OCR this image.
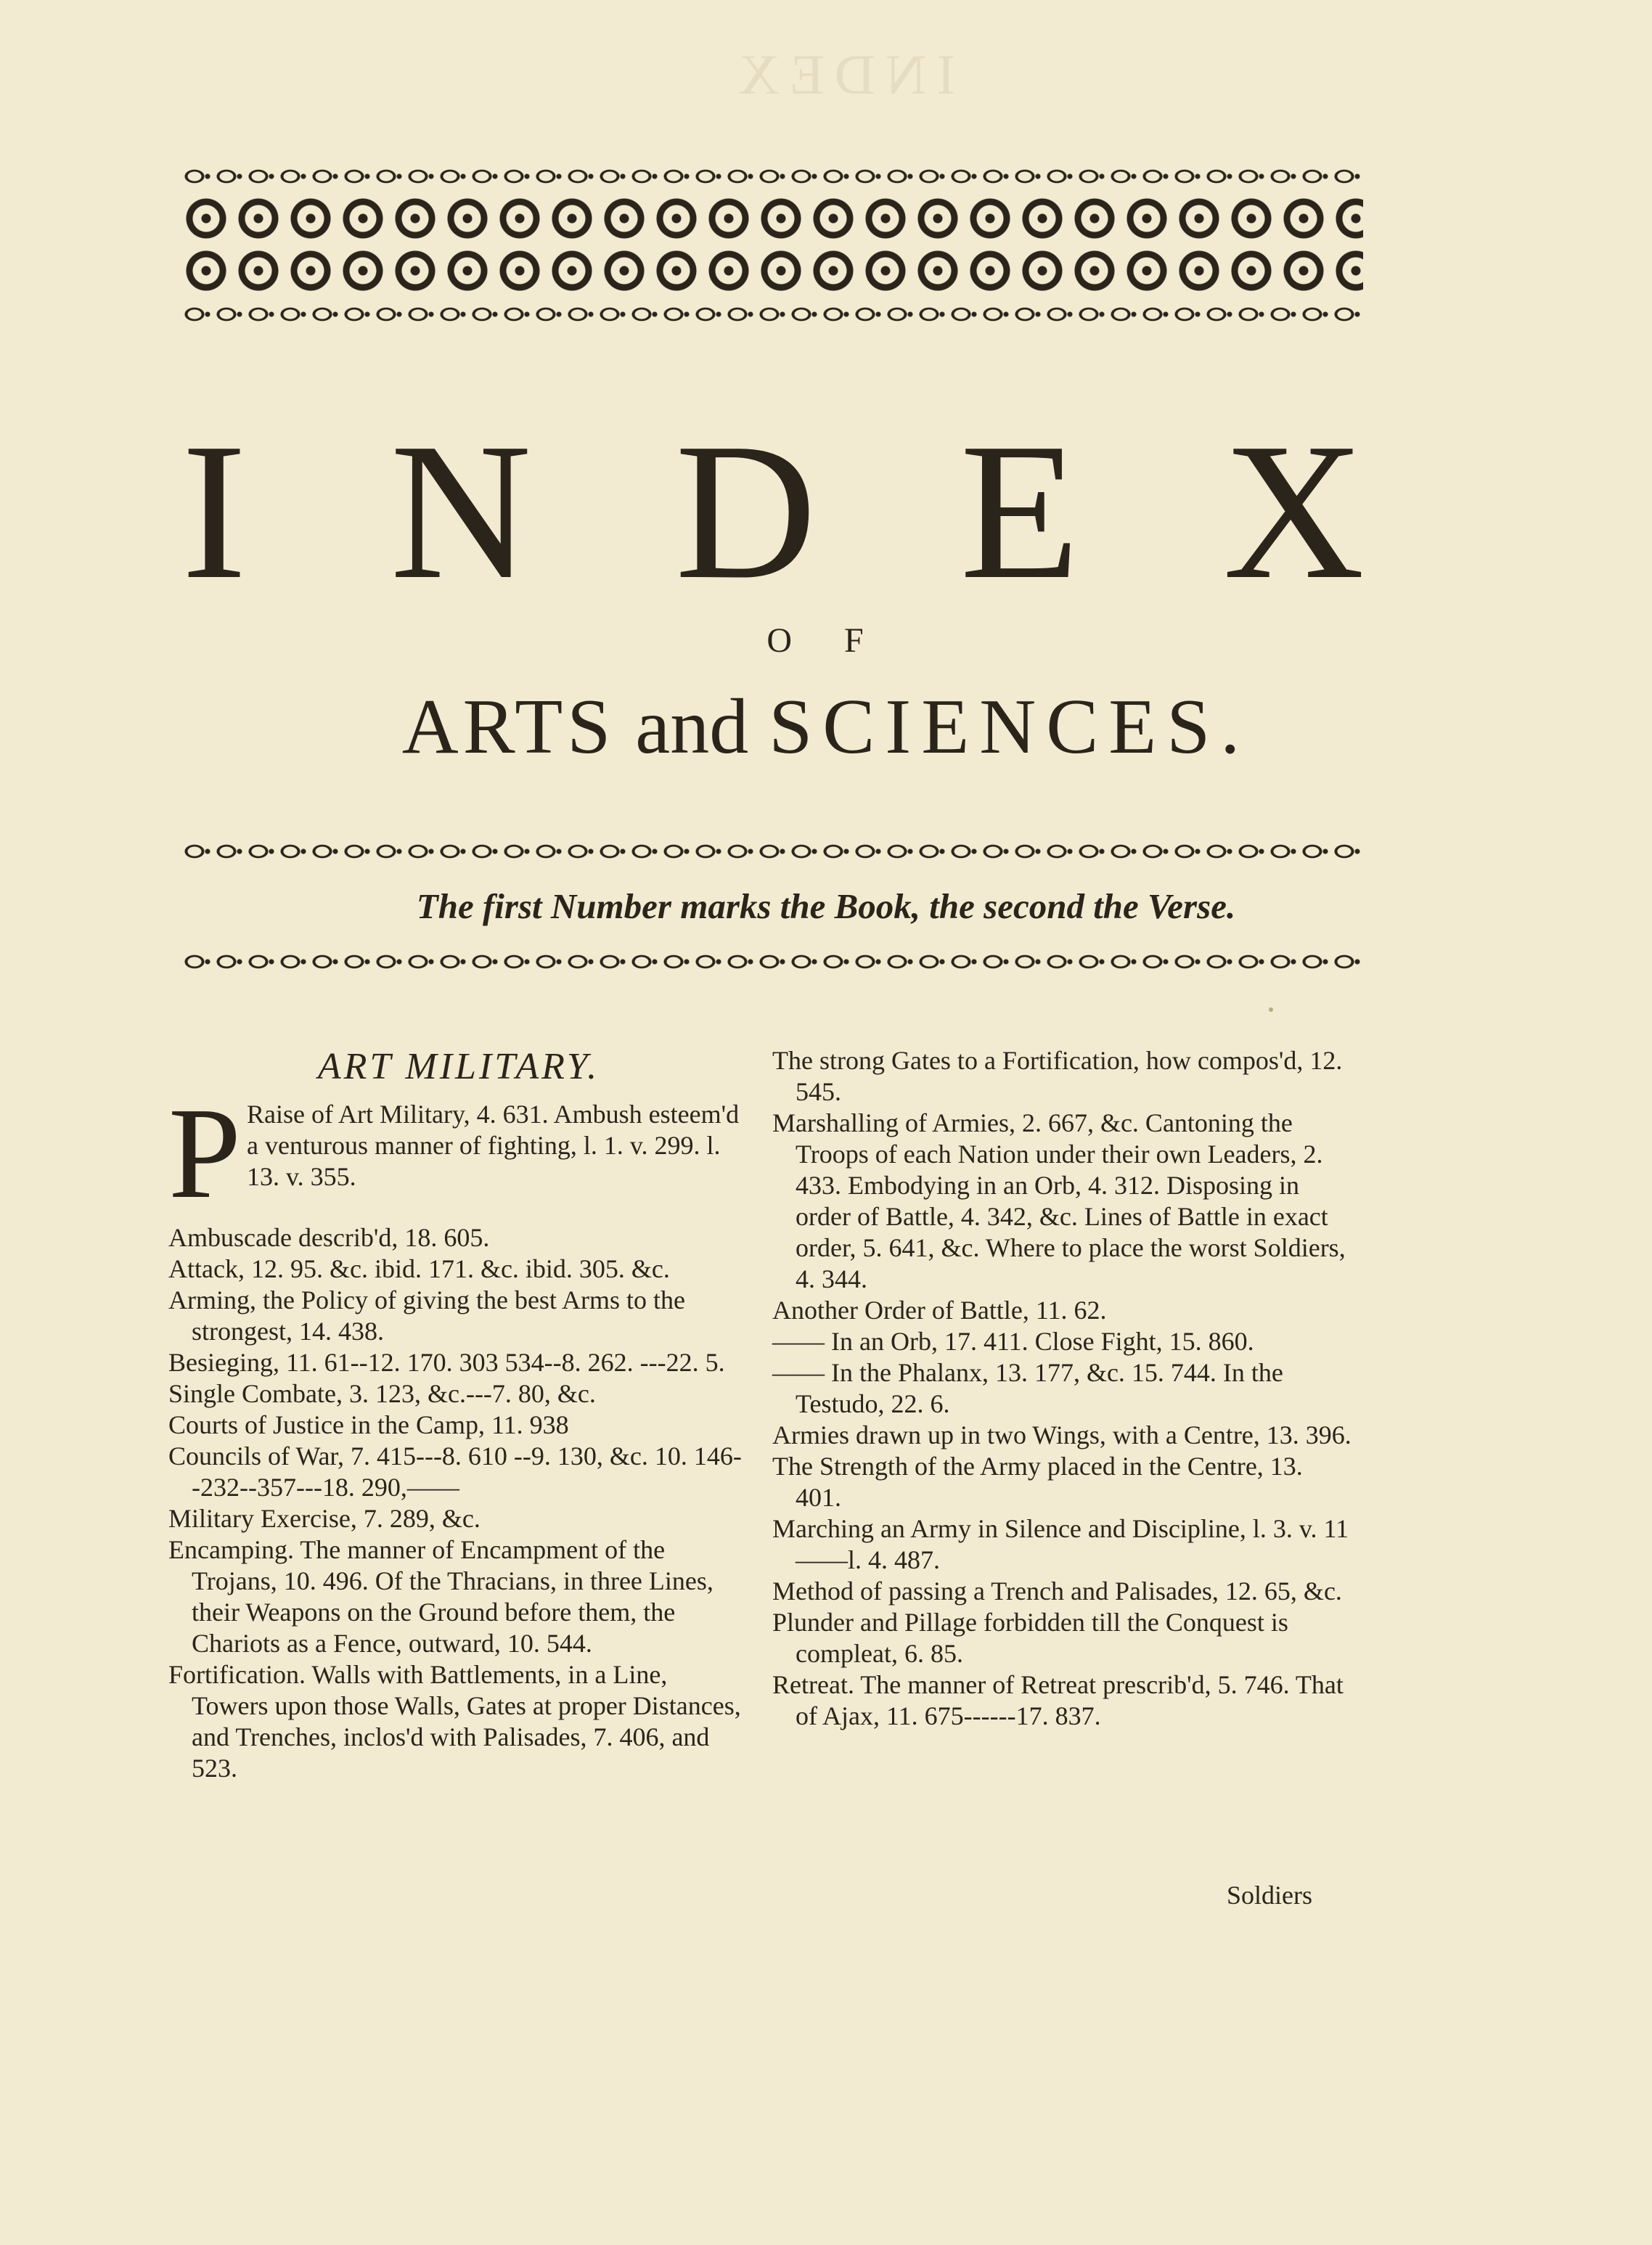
INDEX
I N D E X
O F
ARTS and SCIENCES.
The first Number marks the Book, the second the Verse.
ART MILITARY.
P Raise of Art Military, 4. 631. Ambush esteem'd a venturous manner of fighting, l. 1. v. 299. l. 13. v. 355.

Ambuscade describ'd, 18. 605.

Attack, 12. 95. &c. ibid. 171. &c. ibid. 305. &c.

Arming, the Policy of giving the best Arms to the strongest, 14. 438.

Besieging, 11. 61--12. 170. 303 534--8. 262. ---22. 5.

Single Combate, 3. 123, &c.---7. 80, &c.

Courts of Justice in the Camp, 11. 938

Councils of War, 7. 415---8. 610 --9. 130, &c. 10. 146--232--357---18. 290,——

Military Exercise, 7. 289, &c.

Encamping. The manner of Encampment of the Trojans, 10. 496. Of the Thracians, in three Lines, their Weapons on the Ground before them, the Chariots as a Fence, outward, 10. 544.

Fortification. Walls with Battlements, in a Line, Towers upon those Walls, Gates at proper Distances, and Trenches, inclos'd with Palisades, 7. 406, and 523.

The strong Gates to a Fortification, how compos'd, 12. 545.

Marshalling of Armies, 2. 667, &c. Cantoning the Troops of each Nation under their own Leaders, 2. 433. Embodying in an Orb, 4. 312. Disposing in order of Battle, 4. 342, &c. Lines of Battle in exact order, 5. 641, &c. Where to place the worst Soldiers, 4. 344.

Another Order of Battle, 11. 62.

—— In an Orb, 17. 411. Close Fight, 15. 860.

—— In the Phalanx, 13. 177, &c. 15. 744. In the Testudo, 22. 6.

Armies drawn up in two Wings, with a Centre, 13. 396.

The Strength of the Army placed in the Centre, 13. 401.

Marching an Army in Silence and Discipline, l. 3. v. 11——l. 4. 487.

Method of passing a Trench and Palisades, 12. 65, &c.

Plunder and Pillage forbidden till the Conquest is compleat, 6. 85.

Retreat. The manner of Retreat prescrib'd, 5. 746. That of Ajax, 11. 675------17. 837.

Soldiers
